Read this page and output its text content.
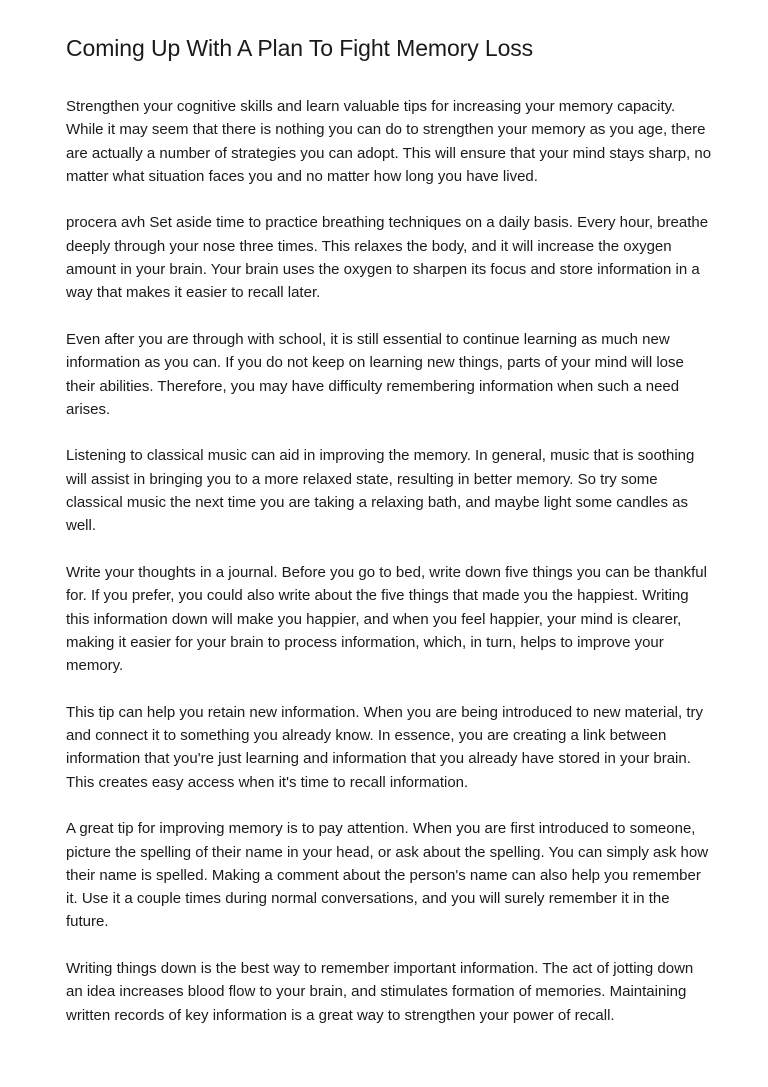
Coming Up With A Plan To Fight Memory Loss

Strengthen your cognitive skills and learn valuable tips for increasing your memory capacity. While it may seem that there is nothing you can do to strengthen your memory as you age, there are actually a number of strategies you can adopt. This will ensure that your mind stays sharp, no matter what situation faces you and no matter how long you have lived.

procera avh Set aside time to practice breathing techniques on a daily basis. Every hour, breathe deeply through your nose three times. This relaxes the body, and it will increase the oxygen amount in your brain. Your brain uses the oxygen to sharpen its focus and store information in a way that makes it easier to recall later.

Even after you are through with school, it is still essential to continue learning as much new information as you can. If you do not keep on learning new things, parts of your mind will lose their abilities. Therefore, you may have difficulty remembering information when such a need arises.

Listening to classical music can aid in improving the memory. In general, music that is soothing will assist in bringing you to a more relaxed state, resulting in better memory. So try some classical music the next time you are taking a relaxing bath, and maybe light some candles as well.

Write your thoughts in a journal. Before you go to bed, write down five things you can be thankful for. If you prefer, you could also write about the five things that made you the happiest. Writing this information down will make you happier, and when you feel happier, your mind is clearer, making it easier for your brain to process information, which, in turn, helps to improve your memory.

This tip can help you retain new information. When you are being introduced to new material, try and connect it to something you already know. In essence, you are creating a link between information that you're just learning and information that you already have stored in your brain. This creates easy access when it's time to recall information.

A great tip for improving memory is to pay attention. When you are first introduced to someone, picture the spelling of their name in your head, or ask about the spelling. You can simply ask how their name is spelled. Making a comment about the person's name can also help you remember it. Use it a couple times during normal conversations, and you will surely remember it in the future.

Writing things down is the best way to remember important information. The act of jotting down an idea increases blood flow to your brain, and stimulates formation of memories. Maintaining written records of key information is a great way to strengthen your power of recall.
